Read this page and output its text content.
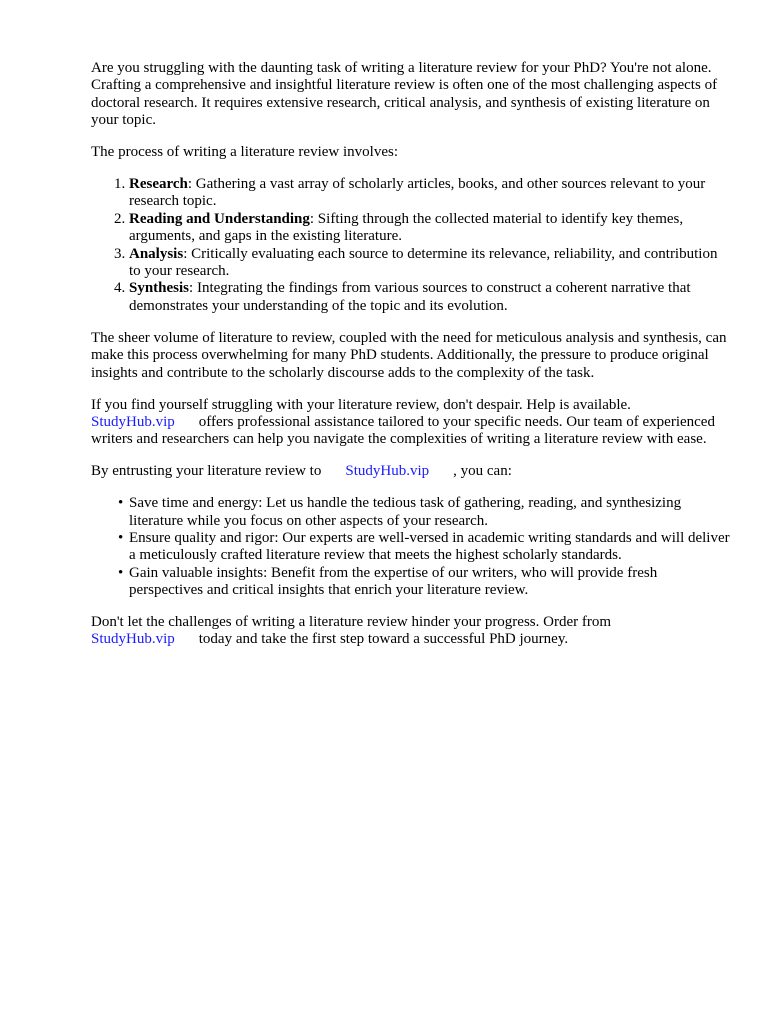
Are you struggling with the daunting task of writing a literature review for your PhD? You're not alone. Crafting a comprehensive and insightful literature review is often one of the most challenging aspects of doctoral research. It requires extensive research, critical analysis, and synthesis of existing literature on your topic.

The process of writing a literature review involves:

1. Research: Gathering a vast array of scholarly articles, books, and other sources relevant to your research topic.
2. Reading and Understanding: Sifting through the collected material to identify key themes, arguments, and gaps in the existing literature.
3. Analysis: Critically evaluating each source to determine its relevance, reliability, and contribution to your research.
4. Synthesis: Integrating the findings from various sources to construct a coherent narrative that demonstrates your understanding of the topic and its evolution.

The sheer volume of literature to review, coupled with the need for meticulous analysis and synthesis, can make this process overwhelming for many PhD students. Additionally, the pressure to produce original insights and contribute to the scholarly discourse adds to the complexity of the task.

If you find yourself struggling with your literature review, don't despair. Help is available.
StudyHub.vip offers professional assistance tailored to your specific needs. Our team of experienced writers and researchers can help you navigate the complexities of writing a literature review with ease.

By entrusting your literature review to StudyHub.vip , you can:

• Save time and energy: Let us handle the tedious task of gathering, reading, and synthesizing literature while you focus on other aspects of your research.
• Ensure quality and rigor: Our experts are well-versed in academic writing standards and will deliver a meticulously crafted literature review that meets the highest scholarly standards.
• Gain valuable insights: Benefit from the expertise of our writers, who will provide fresh perspectives and critical insights that enrich your literature review.

Don't let the challenges of writing a literature review hinder your progress. Order from
StudyHub.vip today and take the first step toward a successful PhD journey.
